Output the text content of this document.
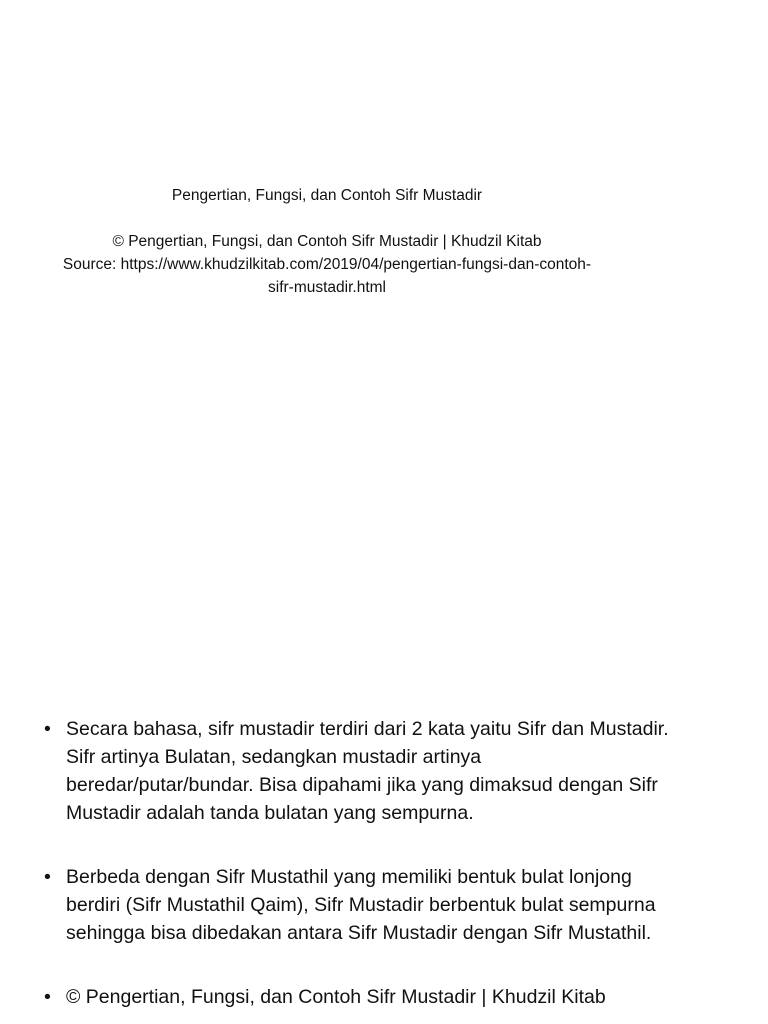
Pengertian, Fungsi, dan Contoh Sifr Mustadir

© Pengertian, Fungsi, dan Contoh Sifr Mustadir | Khudzil Kitab
Source: https://www.khudzilkitab.com/2019/04/pengertian-fungsi-dan-contoh-
sifr-mustadir.html

• Secara bahasa, sifr mustadir terdiri dari 2 kata yaitu Sifr dan Mustadir.
Sifr artinya Bulatan, sedangkan mustadir artinya
beredar/putar/bundar. Bisa dipahami jika yang dimaksud dengan Sifr
Mustadir adalah tanda bulatan yang sempurna.
• Berbeda dengan Sifr Mustathil yang memiliki bentuk bulat lonjong
berdiri (Sifr Mustathil Qaim), Sifr Mustadir berbentuk bulat sempurna
sehingga bisa dibedakan antara Sifr Mustadir dengan Sifr Mustathil.
• © Pengertian, Fungsi, dan Contoh Sifr Mustadir | Khudzil Kitab
